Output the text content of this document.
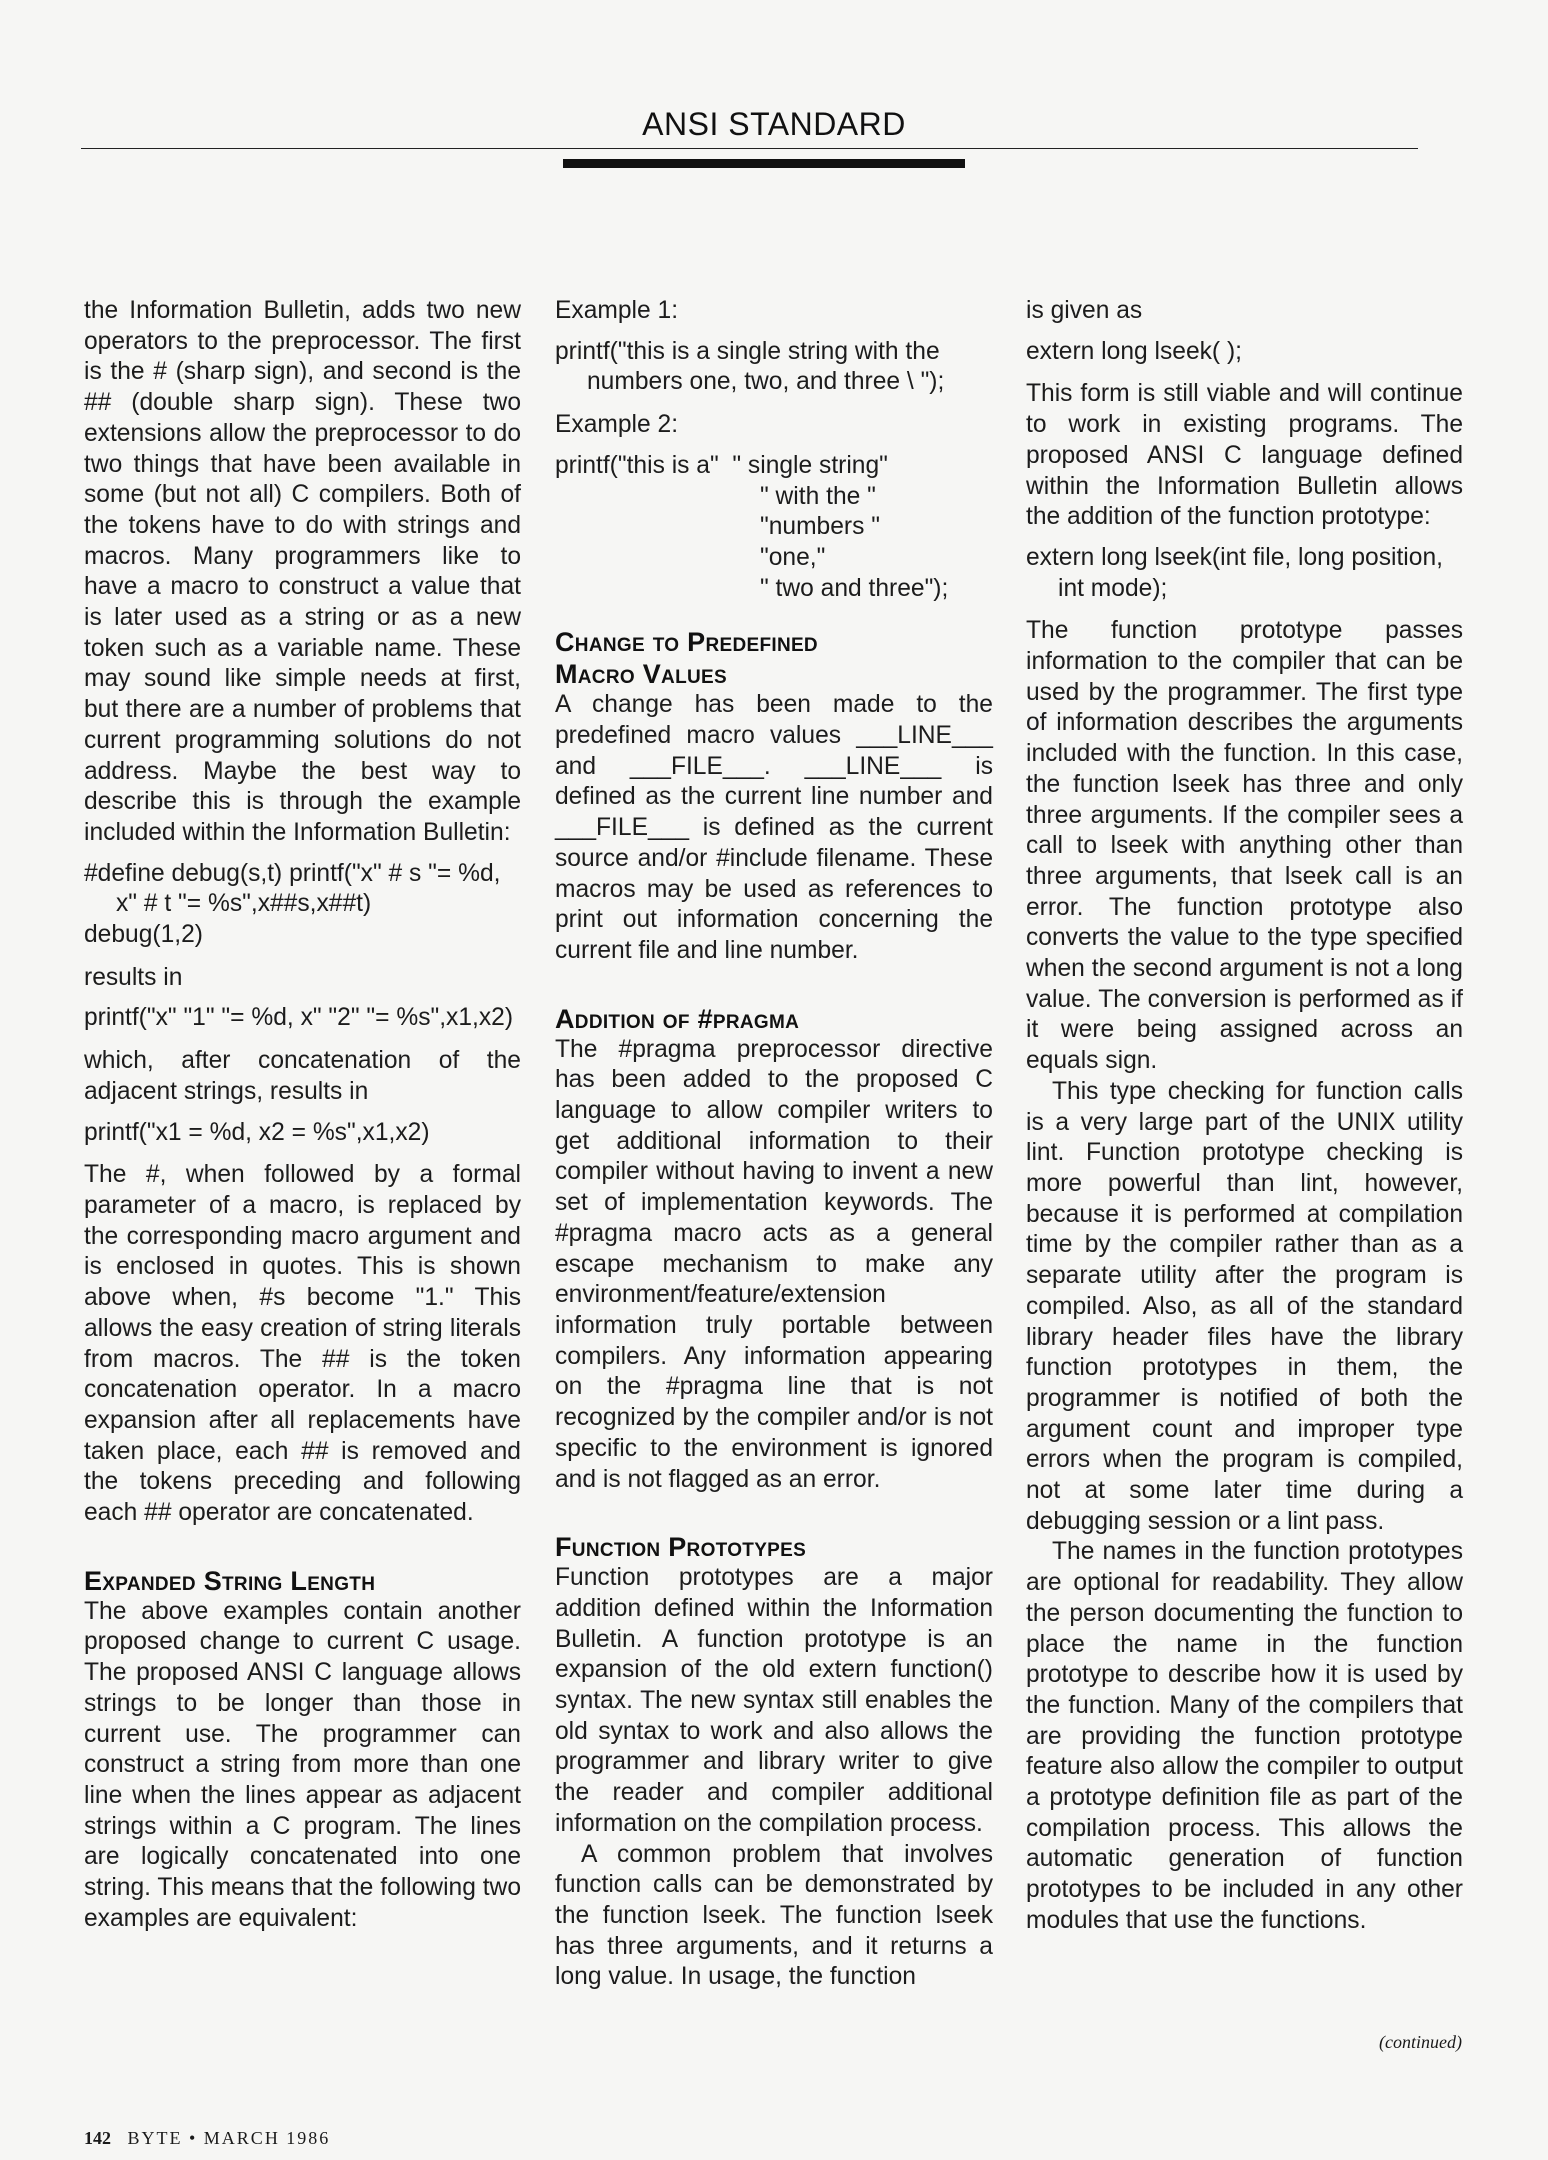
ANSI STANDARD

the Information Bulletin, adds two new operators to the preprocessor. The first is the # (sharp sign), and second is the ## (double sharp sign). These two extensions allow the preprocessor to do two things that have been available in some (but not all) C compilers. Both of the tokens have to do with strings and macros. Many programmers like to have a macro to construct a value that is later used as a string or as a new token such as a variable name. These may sound like simple needs at first, but there are a number of problems that current programming solutions do not address. Maybe the best way to describe this is through the example included within the Information Bulletin:

#define debug(s,t) printf("x" # s "= %d, x" # t "= %s",x##s,x##t)
debug(1,2)

results in

printf("x" "1" "= %d, x" "2" "= %s",x1,x2)

which, after concatenation of the adjacent strings, results in

printf("x1 = %d, x2 = %s",x1,x2)

The #, when followed by a formal parameter of a macro, is replaced by the corresponding macro argument and is enclosed in quotes. This is shown above when, #s become "1." This allows the easy creation of string literals from macros. The ## is the token concatenation operator. In a macro expansion after all replacements have taken place, each ## is removed and the tokens preceding and following each ## operator are concatenated.

Expanded String Length

The above examples contain another proposed change to current C usage. The proposed ANSI C language allows strings to be longer than those in current use. The programmer can construct a string from more than one line when the lines appear as adjacent strings within a C program. The lines are logically concatenated into one string. This means that the following two examples are equivalent:

Example 1:

printf("this is a single string with the numbers one, two, and three \ ");

Example 2:

printf("this is a"  " single string"
" with the "
"numbers "
"one,"
" two and three");
Change to Predefined
Macro Values

A change has been made to the predefined macro values ___LINE___ and ___FILE___. ___LINE___ is defined as the current line number and ___FILE___ is defined as the current source and/or #include filename. These macros may be used as references to print out information concerning the current file and line number.

Addition of #pragma

The #pragma preprocessor directive has been added to the proposed C language to allow compiler writers to get additional information to their compiler without having to invent a new set of implementation keywords. The #pragma macro acts as a general escape mechanism to make any environment/feature/extension information truly portable between compilers. Any information appearing on the #pragma line that is not recognized by the compiler and/or is not specific to the environment is ignored and is not flagged as an error.

Function Prototypes

Function prototypes are a major addition defined within the Information Bulletin. A function prototype is an expansion of the old extern function() syntax. The new syntax still enables the old syntax to work and also allows the programmer and library writer to give the reader and compiler additional information on the compilation process.

A common problem that involves function calls can be demonstrated by the function lseek. The function lseek has three arguments, and it returns a long value. In usage, the function

is given as

extern long lseek( );

This form is still viable and will continue to work in existing programs. The proposed ANSI C language defined within the Information Bulletin allows the addition of the function prototype:

extern long lseek(int file, long position, int mode);

The function prototype passes information to the compiler that can be used by the programmer. The first type of information describes the arguments included with the function. In this case, the function lseek has three and only three arguments. If the compiler sees a call to lseek with anything other than three arguments, that lseek call is an error. The function prototype also converts the value to the type specified when the second argument is not a long value. The conversion is performed as if it were being assigned across an equals sign.

This type checking for function calls is a very large part of the UNIX utility lint. Function prototype checking is more powerful than lint, however, because it is performed at compilation time by the compiler rather than as a separate utility after the program is compiled. Also, as all of the standard library header files have the library function prototypes in them, the programmer is notified of both the argument count and improper type errors when the program is compiled, not at some later time during a debugging session or a lint pass.

The names in the function prototypes are optional for readability. They allow the person documenting the function to place the name in the function prototype to describe how it is used by the function. Many of the compilers that are providing the function prototype feature also allow the compiler to output a prototype definition file as part of the compilation process. This allows the automatic generation of function prototypes to be included in any other modules that use the functions.

(continued)
142 BYTE • MARCH 1986
